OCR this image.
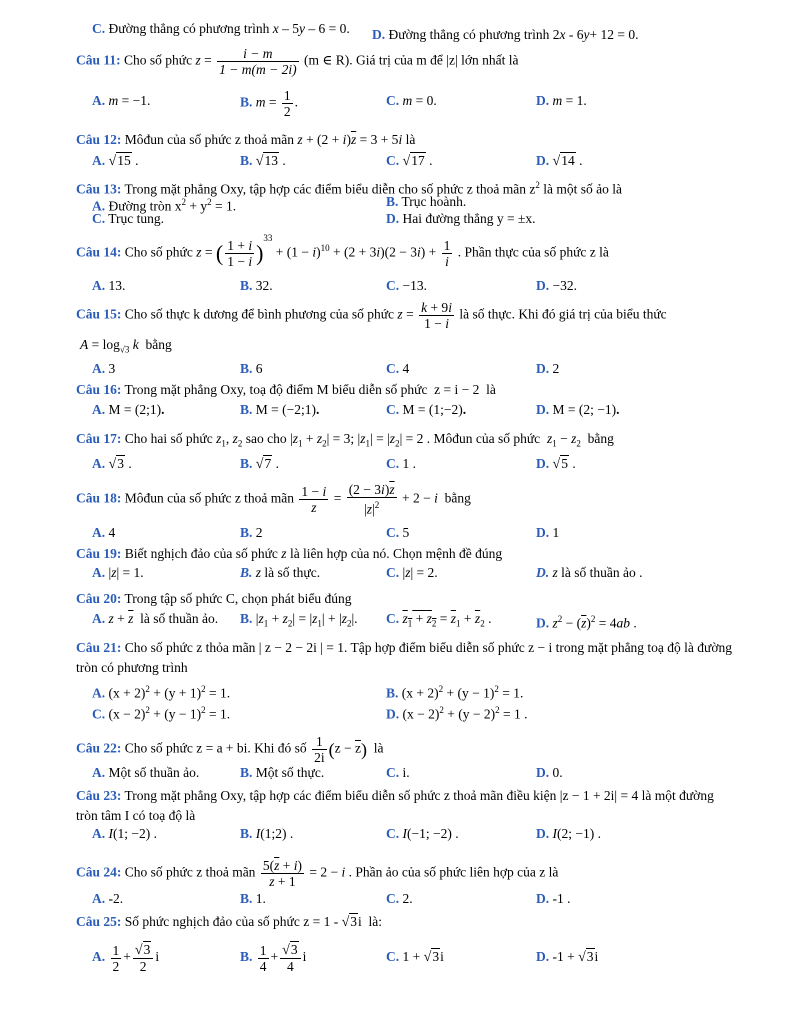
C. Đường thẳng có phương trình x – 5y – 6 = 0. D. Đường thẳng có phương trình 2x - 6y+ 12 = 0.
Câu 11: Cho số phức $z = \frac{i - m}{1 - m(m - 2i)} (m$ ∈ R). Giá trị của m để |z| lớn nhất là
A. m = −1.	B. $m = \frac{1}{2}$ .	C. m = 0.	D. m = 1.
Câu 12: Môđun của số phức z thoả mãn $z + (2 + i)\overline{z} = 3 + 5i$ là
A. √15 .	B. √13 .	C. √17 .	D. √14 .
Câu 13: Trong mặt phẳng Oxy, tập hợp các điểm biểu diễn cho số phức z thoả mãn $z^2$ là một số ảo là
A. Đường tròn $x^2 + y^2 = 1$.	B. Trục hoành.
C. Trục tung.	D. Hai đường thẳng y = ±x.
Câu 14: Cho số phức z = ( $\frac{1 + i}{1 - i} )^{33} + (1 - i)^{10} + (2 + 3i)(2 - 3i) + \frac{1}{i}$ . Phần thực của số phức z là
A. 13.	B. 32.	C. −13.	D. −32.
Câu 15: Cho số thực k dương để bình phương của số phức $z = \frac{k + 9i}{1 - i}$ là số thực. Khi đó giá trị của biểu thức
$A = \log_{√3} k$ bằng
A. 3	B. 6	C. 4	D. 2
Câu 16: Trong mặt phẳng Oxy, toạ độ điểm M biểu diễn số phức  z = i − 2  là
A. M = (2;1).	B. M = (−2;1).	C. M = (1;−2).	D. M = (2; −1).
Câu 17: Cho hai số phức $z_1$, $z_2$ sao cho $|z_1 + z_2| = 3$; $|z_1| = |z_2| = 2$ . Môđun của số phức  $z_1 - z_2$  bằng
A. √3 .	B. √7 .	C. 1 .	D. √5 .
Câu 18: Môđun của số phức z thoả mãn $\frac{1 - i}{z} = \frac{(2 - 3i)\overline{z}}{|z|^2} + 2 - i$ bằng
A. 4	B. 2	C. 5	D. 1
Câu 19: Biết nghịch đảo của số phức z là liên hợp của nó. Chọn mệnh đề đúng
A. |z| = 1.	B. z là số thực.	C. |z| = 2.	D. z là số thuần ảo .
Câu 20: Trong tập số phức C, chọn phát biểu đúng
A. $z + \overline{z}$  là số thuần ảo. B. $|z_1 + z_2| = |z_1| + |z_2|$. C. $z_1 + z_2 = \overline{z}_1 + \overline{z}_2$ .	D. $z^2 - (\overline{z})^2 = 4ab$ .
Câu 21: Cho số phức z thỏa mãn | z − 2 − 2i | = 1. Tập hợp điểm biểu diễn số phức z − i trong mặt phẳng toạ độ là đường tròn có phương trình
A. $(x + 2)^2 + (y + 1)^2 = 1$.	B. $(x + 2)^2 + (y - 1)^2 = 1$.
C. $(x - 2)^2 + (y - 1)^2 = 1$.	D. $(x - 2)^2 + (y - 2)^2 = 1$ .
Câu 22: Cho số phức z = a + bi. Khi đó số $\frac{1}{2i} (z - \overline{z})$  là
A. Một số thuần ảo.	B. Một số thực.	C. i.	D. 0.
Câu 23: Trong mặt phẳng Oxy, tập hợp các điểm biểu diễn số phức z thoả mãn điều kiện |z − 1 + 2i| = 4 là một đường tròn tâm I có toạ độ là
A. I(1; −2) .	B. I(1;2) .	C. I(−1; −2) .	D. I(2; −1) .
Câu 24: Cho số phức z thoả mãn $\frac{5(\overline{z} + i)}{z + 1} = 2 - i$ . Phần ảo của số phức liên hợp của z là
A. -2.	B. 1.	C. 2.	D. -1 .
Câu 25: Số phức nghịch đảo của số phức z = 1 - √3i  là:
A. $\frac{1}{2} + \frac{√3}{2}$ i	B. $\frac{1}{4} + \frac{√3}{4}$ i	C. 1 + √3i	D. -1 + √3i
